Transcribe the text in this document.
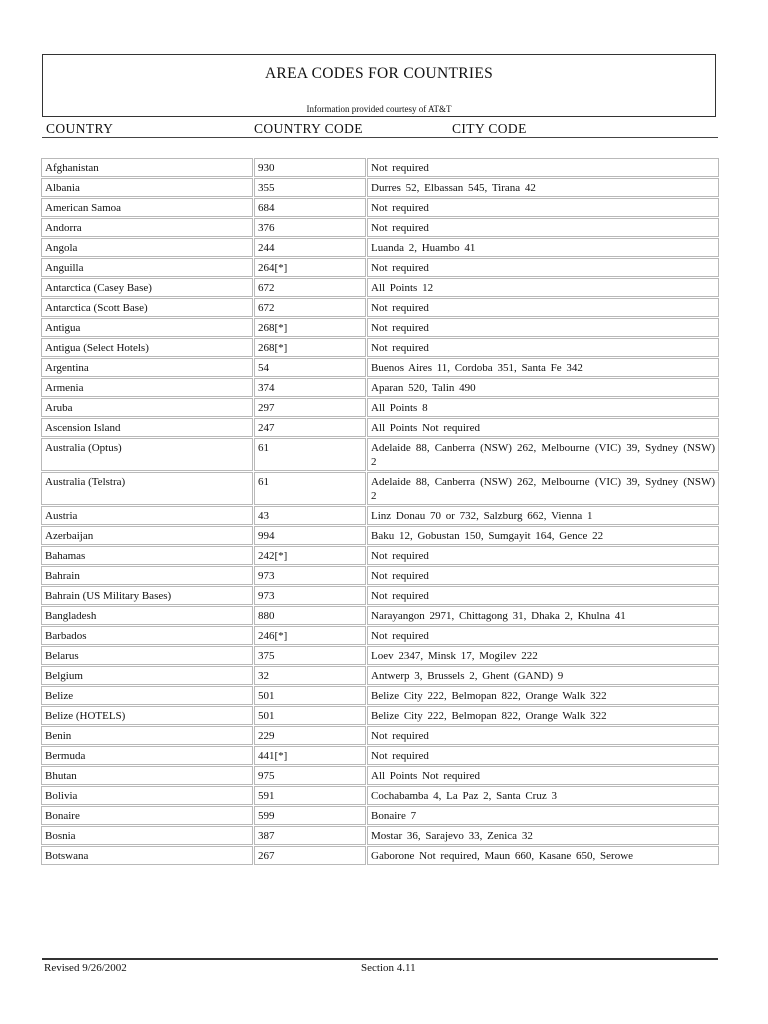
AREA CODES FOR COUNTRIES
Information provided courtesy of AT&T
COUNTRY	COUNTRY CODE	CITY CODE
Afghanistan	930	Not required
Albania	355	Durres 52, Elbassan 545, Tirana 42
American Samoa	684	Not required
Andorra	376	Not required
Angola	244	Luanda 2, Huambo 41
Anguilla	264[*]	Not required
Antarctica (Casey Base)	672	All Points 12
Antarctica (Scott Base)	672	Not required
Antigua	268[*]	Not required
Antigua (Select Hotels)	268[*]	Not required
Argentina	54	Buenos Aires 11, Cordoba 351, Santa Fe 342
Armenia	374	Aparan 520, Talin 490
Aruba	297	All Points 8
Ascension Island	247	All Points Not required
Australia (Optus)	61	Adelaide 88, Canberra (NSW) 262, Melbourne (VIC) 39, Sydney (NSW) 2
Australia (Telstra)	61	Adelaide 88, Canberra (NSW) 262, Melbourne (VIC) 39, Sydney (NSW) 2
Austria	43	Linz Donau 70 or 732, Salzburg 662, Vienna 1
Azerbaijan	994	Baku 12, Gobustan 150, Sumgayit 164, Gence 22
Bahamas	242[*]	Not required
Bahrain	973	Not required
Bahrain (US Military Bases)	973	Not required
Bangladesh	880	Narayangon 2971, Chittagong 31, Dhaka 2, Khulna 41
Barbados	246[*]	Not required
Belarus	375	Loev 2347, Minsk 17, Mogilev 222
Belgium	32	Antwerp 3, Brussels 2, Ghent (GAND) 9
Belize	501	Belize City 222, Belmopan 822, Orange Walk 322
Belize (HOTELS)	501	Belize City 222, Belmopan 822, Orange Walk 322
Benin	229	Not required
Bermuda	441[*]	Not required
Bhutan	975	All Points Not required
Bolivia	591	Cochabamba 4, La Paz 2, Santa Cruz 3
Bonaire	599	Bonaire 7
Bosnia	387	Mostar 36, Sarajevo 33, Zenica 32
Botswana	267	Gaborone Not required, Maun 660, Kasane 650, Serowe
Revised 9/26/2002	Section 4.11
